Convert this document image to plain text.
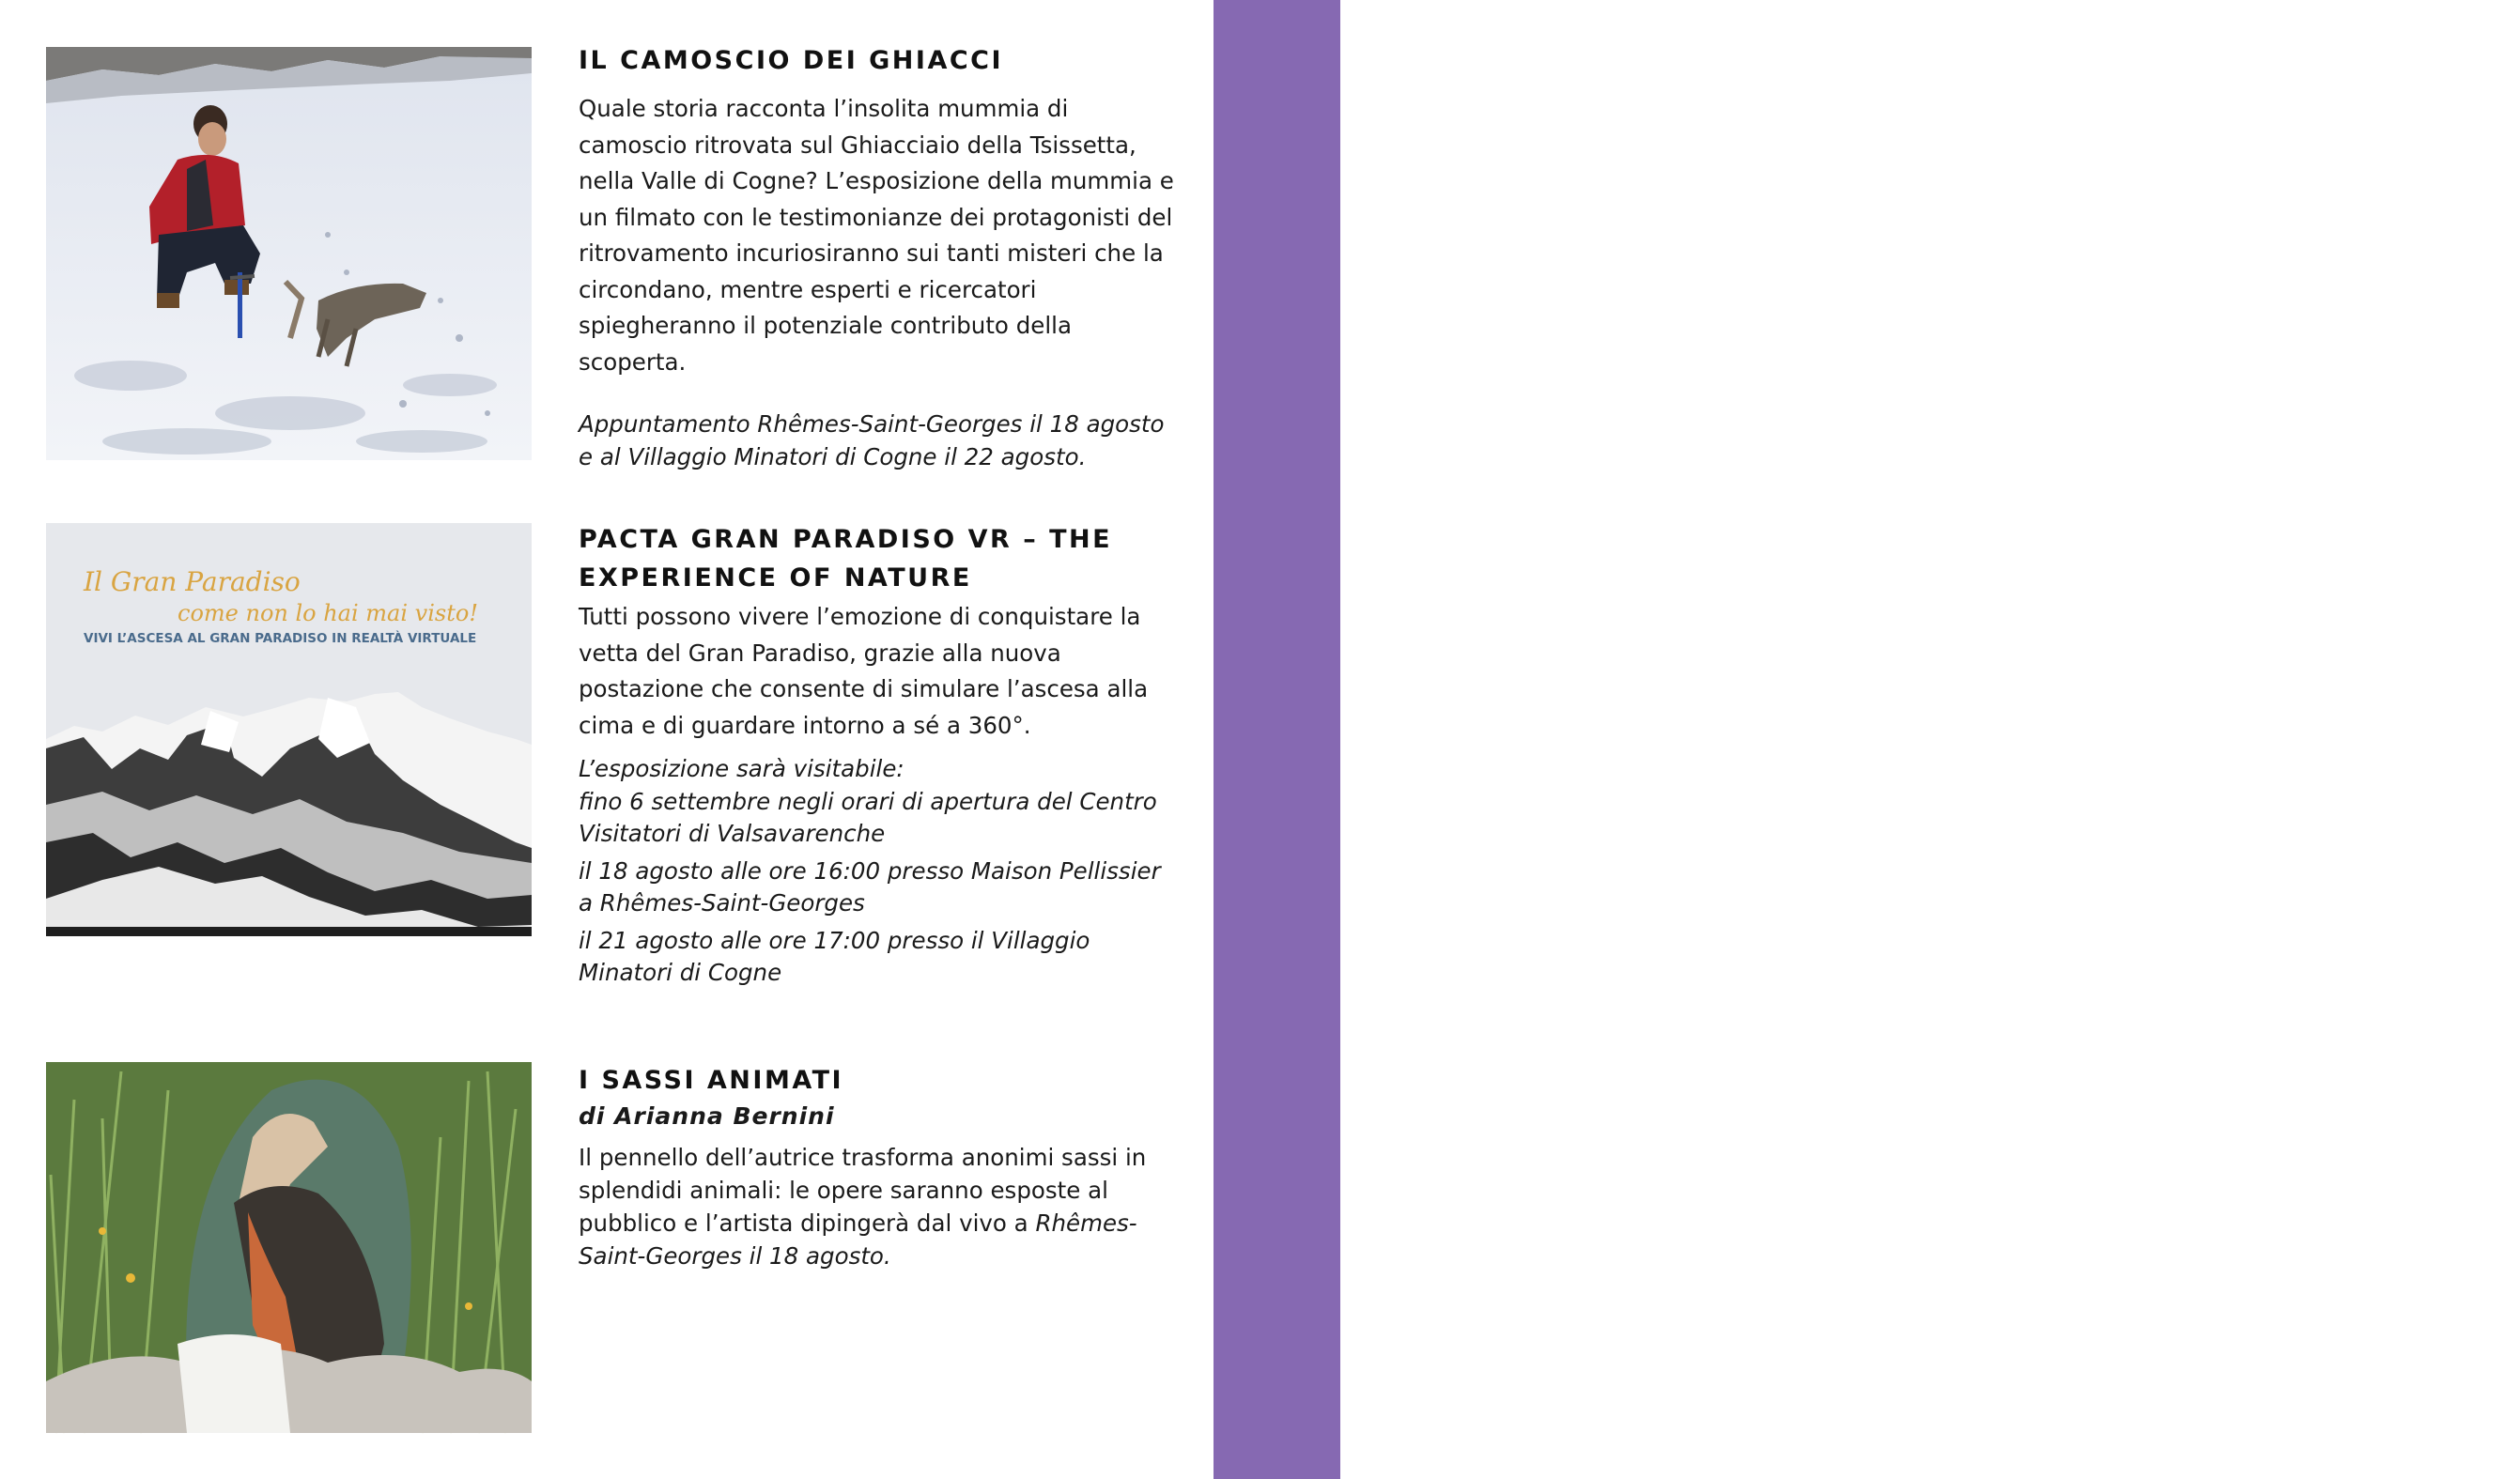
GPFF IN MOSTRA
IL CAMOSCIO DEI GHIACCI

Quale storia racconta l’insolita mummia di camoscio ritrovata sul Ghiacciaio della Tsissetta, nella Valle di Cogne? L’esposizione della mummia e un filmato con le testimonianze dei protagonisti del ritrovamento incuriosiranno sui tanti misteri che la circondano, mentre esperti e ricercatori spiegheranno il potenziale contributo della scoperta.

Appuntamento Rhêmes-Saint-Georges il 18 agosto e al Villaggio Minatori di Cogne il 22 agosto.

Il Gran Paradiso
come non lo hai mai visto!
VIVI L’ASCESA AL GRAN PARADISO IN REALTÀ VIRTUALE
PACTA GRAN PARADISO VR – THE EXPERIENCE OF NATURE

Tutti possono vivere l’emozione di conquistare la vetta del Gran Paradiso, grazie alla nuova postazione che consente di simulare l’ascesa alla cima e di guardare intorno a sé a 360°.

L’esposizione sarà visitabile:
fino 6 settembre negli orari di apertura del Centro Visitatori di Valsavarenche
il 18 agosto alle ore 16:00 presso Maison Pellissier a Rhêmes-Saint-Georges
il 21 agosto alle ore 17:00 presso il Villaggio Minatori di Cogne

I SASSI ANIMATI

di Arianna Bernini

Il pennello dell’autrice trasforma anonimi sassi in splendidi animali: le opere saranno esposte al pubblico e l’artista dipingerà dal vivo a Rhêmes-Saint-Georges il 18 agosto.
